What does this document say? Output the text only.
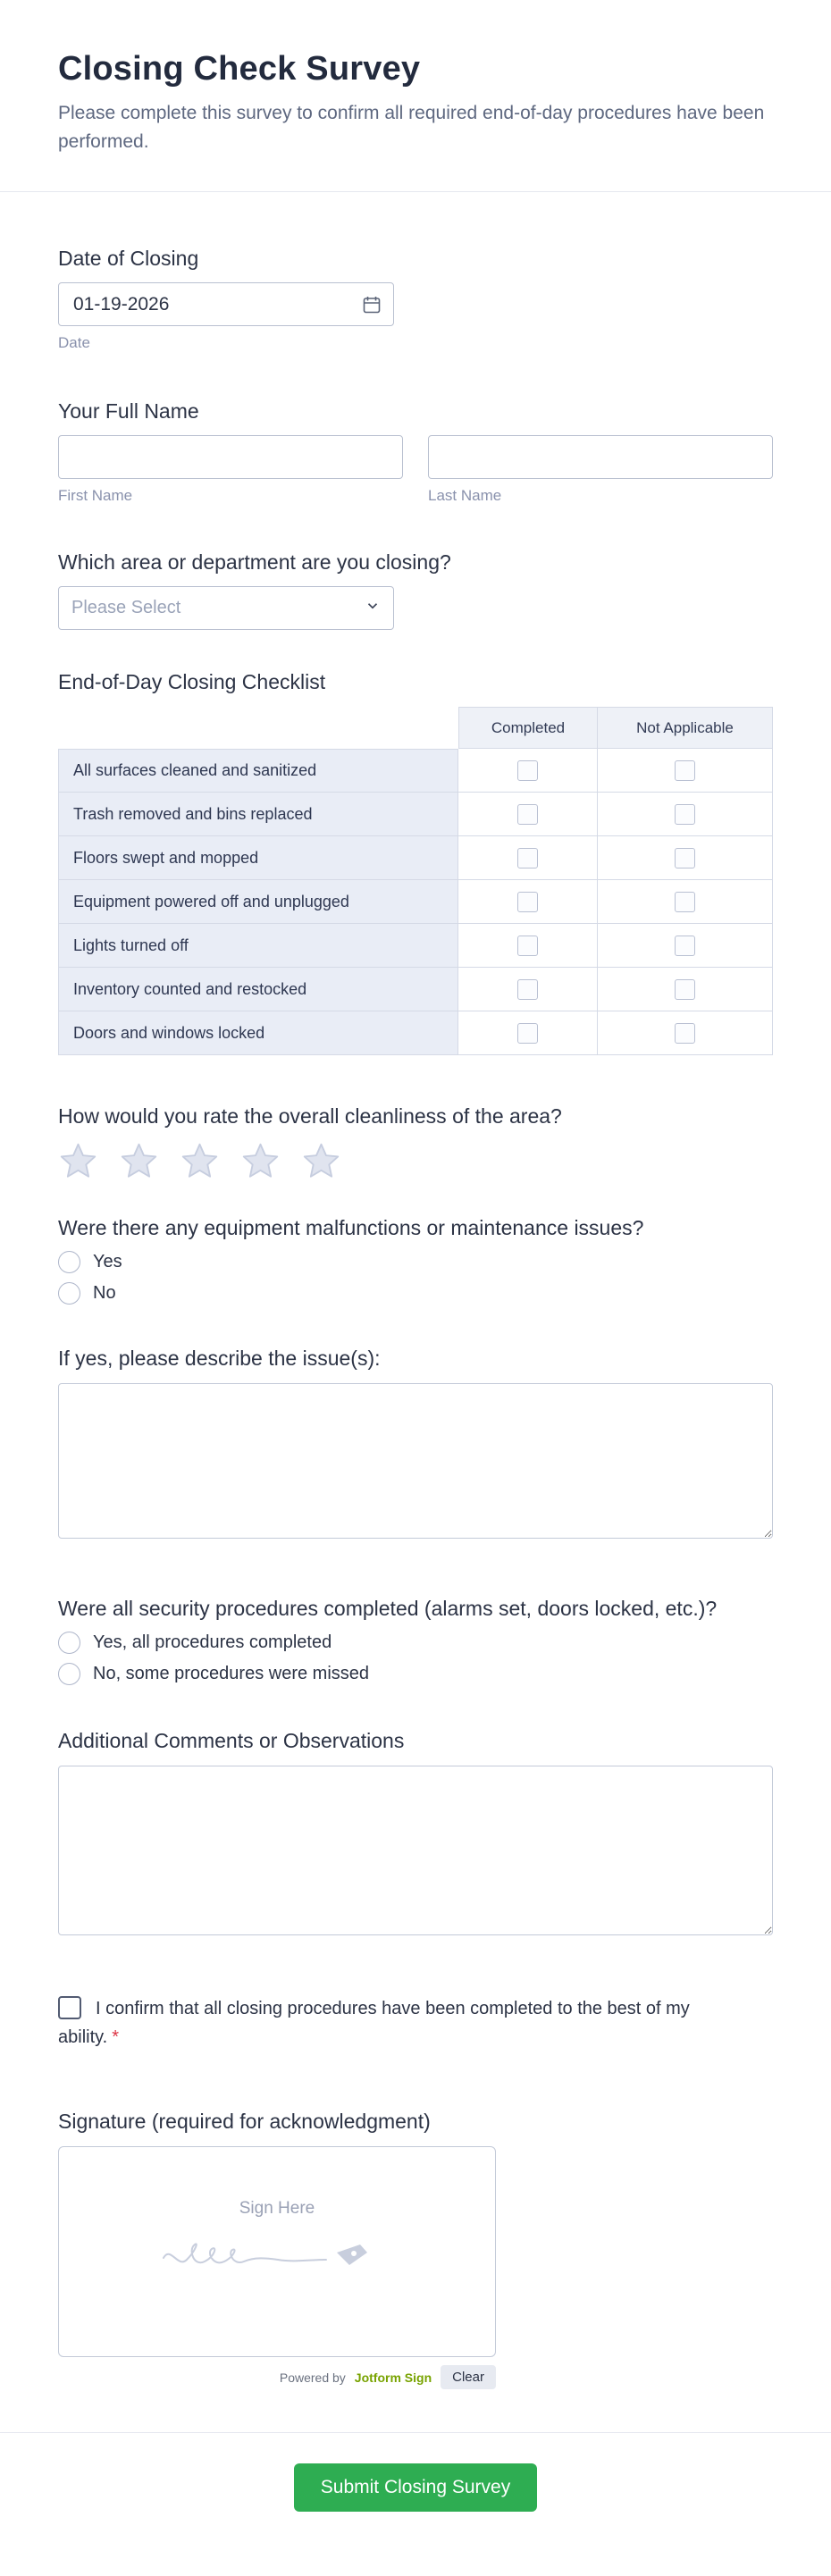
Closing Check Survey
Please complete this survey to confirm all required end-of-day procedures have been performed.
Date of Closing
01-19-2026
Date
Your Full Name
First Name	Last Name
Which area or department are you closing?
Please Select
End-of-Day Closing Checklist
Completed	Not Applicable
All surfaces cleaned and sanitized
Trash removed and bins replaced
Floors swept and mopped
Equipment powered off and unplugged
Lights turned off
Inventory counted and restocked
Doors and windows locked
How would you rate the overall cleanliness of the area?
Were there any equipment malfunctions or maintenance issues?
Yes
No
If yes, please describe the issue(s):
Were all security procedures completed (alarms set, doors locked, etc.)?
Yes, all procedures completed
No, some procedures were missed
Additional Comments or Observations
I confirm that all closing procedures have been completed to the best of my ability. *
Signature (required for acknowledgment)
Sign Here
Powered by Jotform Sign	Clear
Submit Closing Survey
